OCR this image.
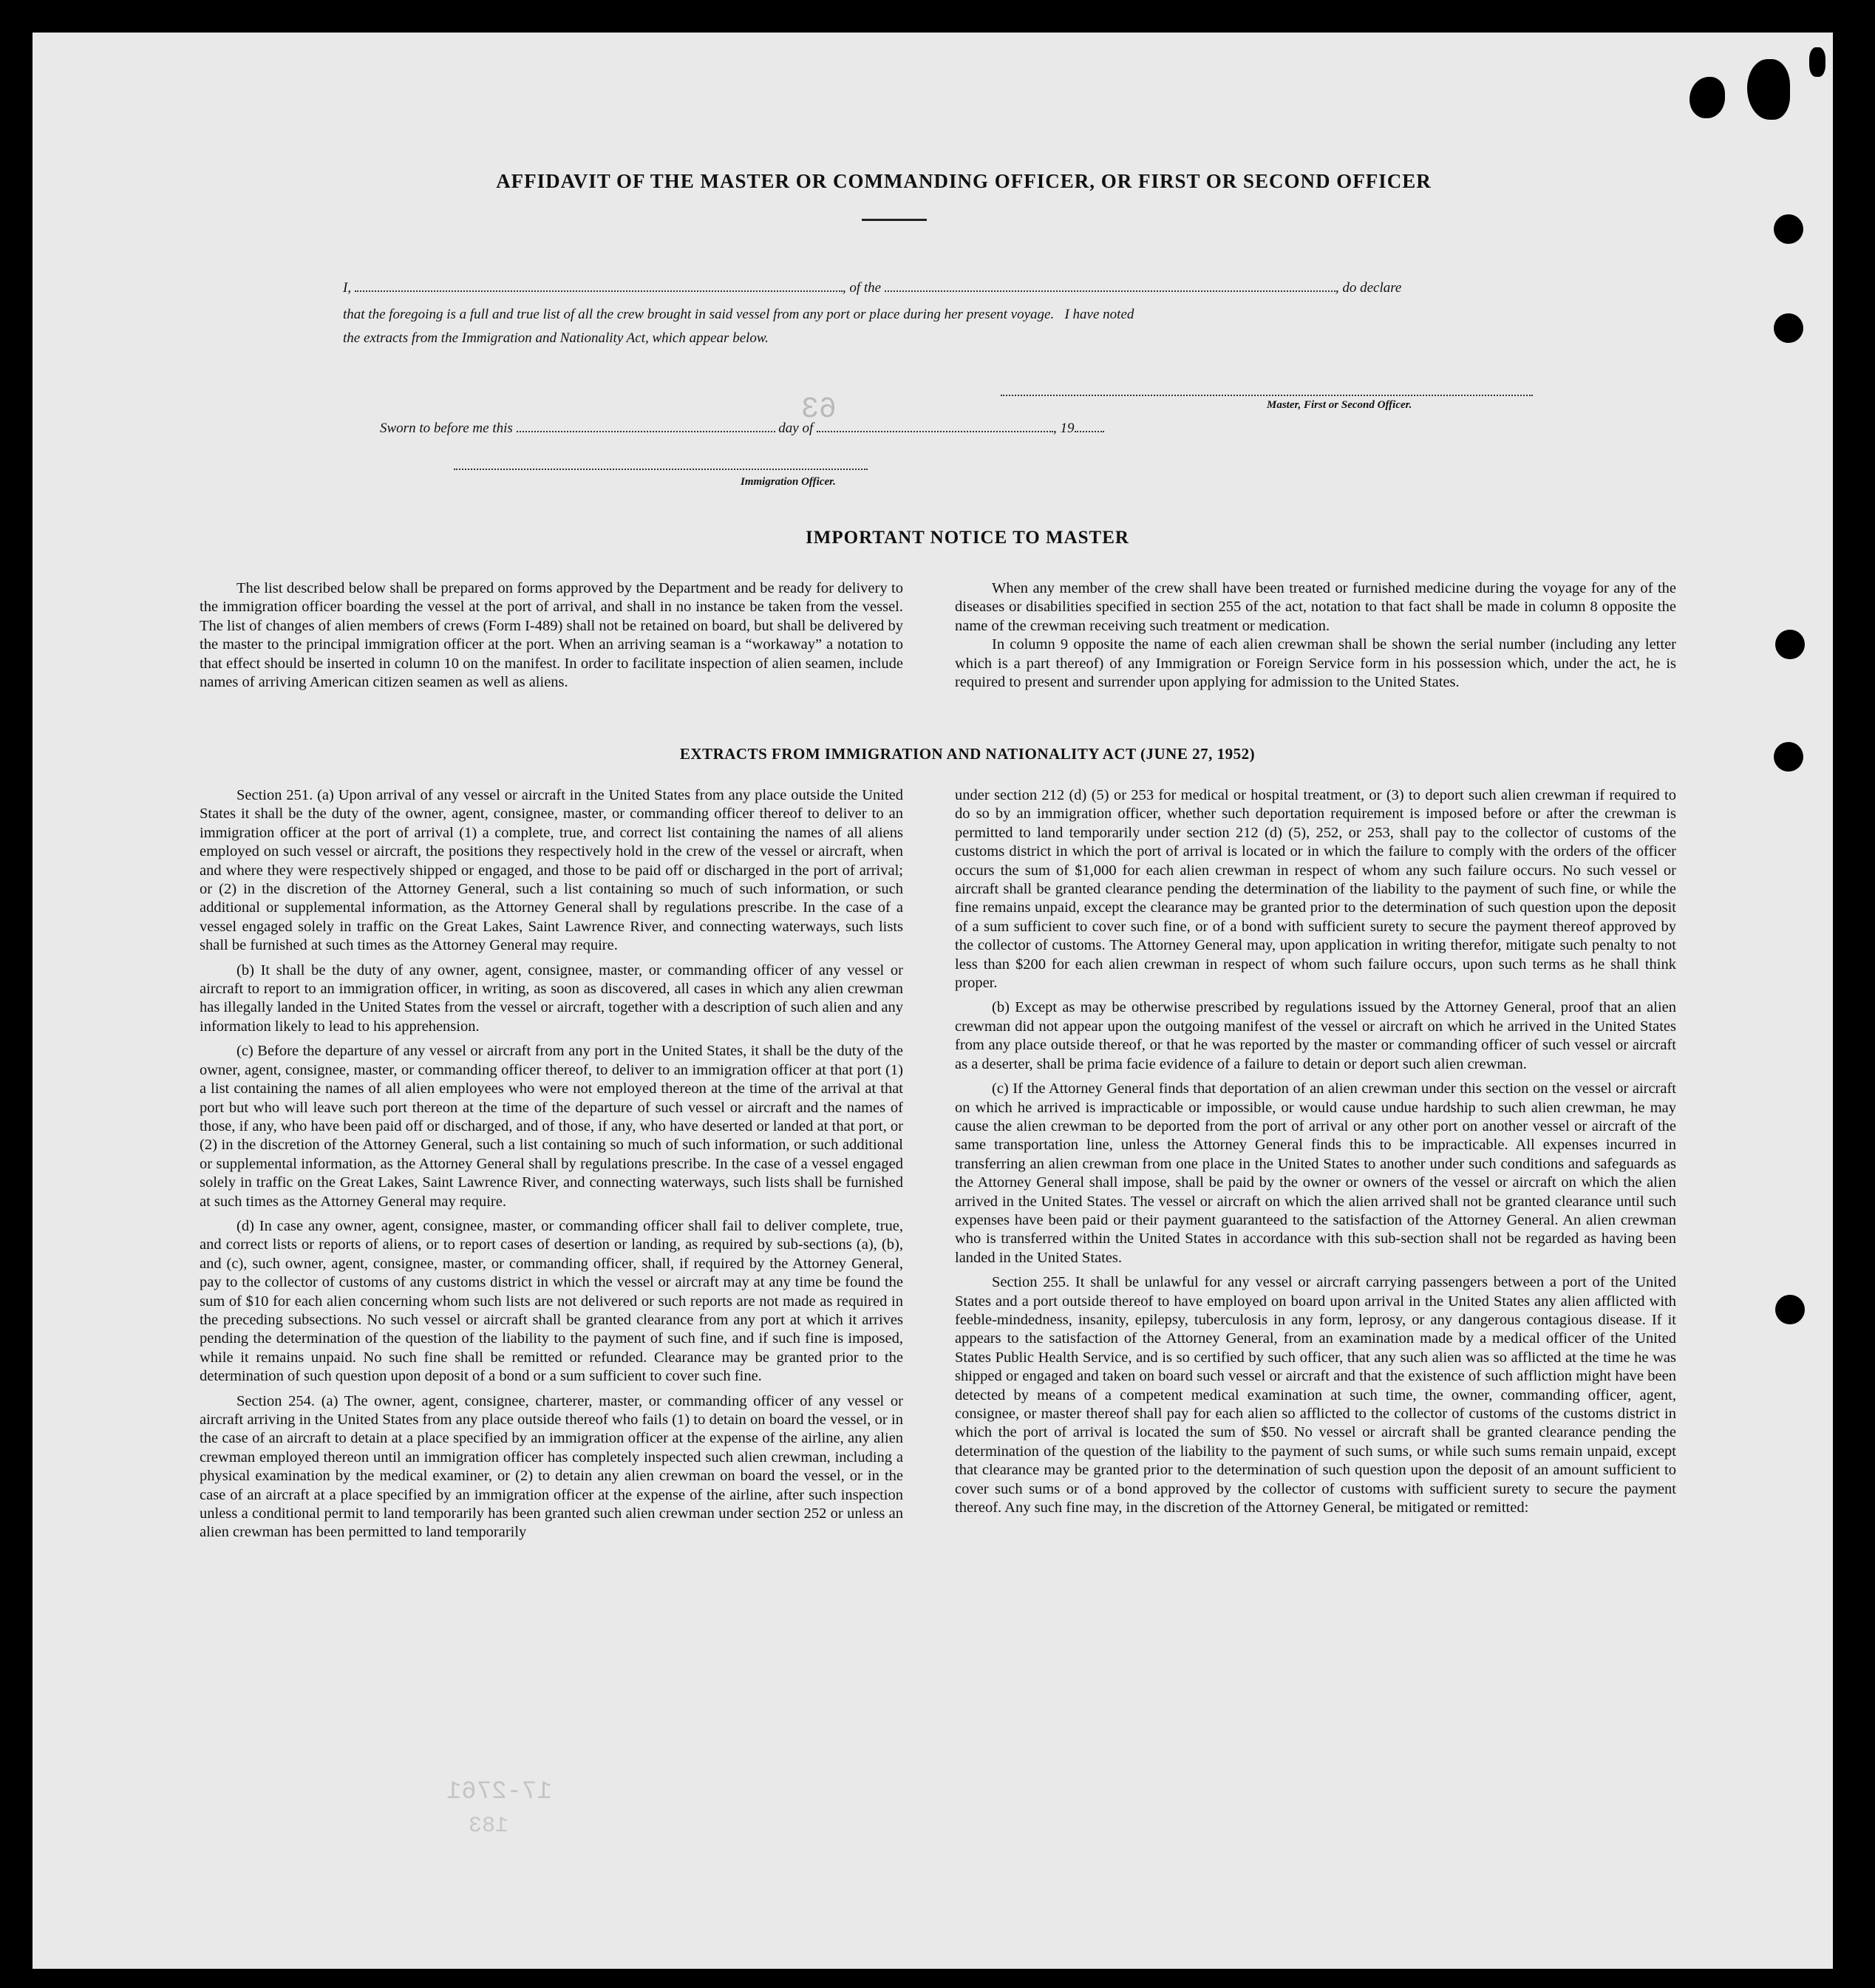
63
17-2761
183
AFFIDAVIT OF THE MASTER OR COMMANDING OFFICER, OR FIRST OR SECOND OFFICER
I,	, of the	, do declare
that the foregoing is a full and true list of all the crew brought in said vessel from any port or place during her present voyage.   I have noted
the extracts from the Immigration and Nationality Act, which appear below.
Master, First or Second Officer.
Sworn to before me this	day of	, 19
Immigration Officer.
IMPORTANT NOTICE TO MASTER

The list described below shall be prepared on forms approved by the Department and be ready for delivery to the immigration officer boarding the vessel at the port of arrival, and shall in no instance be taken from the vessel. The list of changes of alien members of crews (Form I-489) shall not be retained on board, but shall be delivered by the master to the principal immigration officer at the port. When an arriving seaman is a “workaway” a notation to that effect should be inserted in column 10 on the manifest. In order to facilitate inspection of alien seamen, include names of arriving American citizen seamen as well as aliens.

When any member of the crew shall have been treated or furnished medicine during the voyage for any of the diseases or disabilities specified in section 255 of the act, notation to that fact shall be made in column 8 opposite the name of the crewman receiving such treatment or medication.

In column 9 opposite the name of each alien crewman shall be shown the serial number (including any letter which is a part thereof) of any Immigration or Foreign Service form in his possession which, under the act, he is required to present and surrender upon applying for admission to the United States.

EXTRACTS FROM IMMIGRATION AND NATIONALITY ACT (JUNE 27, 1952)

Section 251. (a) Upon arrival of any vessel or aircraft in the United States from any place outside the United States it shall be the duty of the owner, agent, consignee, master, or commanding officer thereof to deliver to an immigration officer at the port of arrival (1) a complete, true, and correct list containing the names of all aliens employed on such vessel or aircraft, the positions they respectively hold in the crew of the vessel or aircraft, when and where they were respectively shipped or engaged, and those to be paid off or discharged in the port of arrival; or (2) in the discretion of the Attorney General, such a list containing so much of such information, or such additional or supplemental information, as the Attorney General shall by regulations prescribe. In the case of a vessel engaged solely in traffic on the Great Lakes, Saint Lawrence River, and connecting waterways, such lists shall be furnished at such times as the Attorney General may require.

(b) It shall be the duty of any owner, agent, consignee, master, or commanding officer of any vessel or aircraft to report to an immigration officer, in writing, as soon as discovered, all cases in which any alien crewman has illegally landed in the United States from the vessel or aircraft, together with a description of such alien and any information likely to lead to his apprehension.

(c) Before the departure of any vessel or aircraft from any port in the United States, it shall be the duty of the owner, agent, consignee, master, or commanding officer thereof, to deliver to an immigration officer at that port (1) a list containing the names of all alien employees who were not employed thereon at the time of the arrival at that port but who will leave such port thereon at the time of the departure of such vessel or aircraft and the names of those, if any, who have been paid off or discharged, and of those, if any, who have deserted or landed at that port, or (2) in the discretion of the Attorney General, such a list containing so much of such information, or such additional or supplemental information, as the Attorney General shall by regulations prescribe. In the case of a vessel engaged solely in traffic on the Great Lakes, Saint Lawrence River, and connecting waterways, such lists shall be furnished at such times as the Attorney General may require.

(d) In case any owner, agent, consignee, master, or commanding officer shall fail to deliver complete, true, and correct lists or reports of aliens, or to report cases of desertion or landing, as required by sub-sections (a), (b), and (c), such owner, agent, consignee, master, or commanding officer, shall, if required by the Attorney General, pay to the collector of customs of any customs district in which the vessel or aircraft may at any time be found the sum of $10 for each alien concerning whom such lists are not delivered or such reports are not made as required in the preceding subsections. No such vessel or aircraft shall be granted clearance from any port at which it arrives pending the determination of the question of the liability to the payment of such fine, and if such fine is imposed, while it remains unpaid. No such fine shall be remitted or refunded. Clearance may be granted prior to the determination of such question upon deposit of a bond or a sum sufficient to cover such fine.

Section 254. (a) The owner, agent, consignee, charterer, master, or commanding officer of any vessel or aircraft arriving in the United States from any place outside thereof who fails (1) to detain on board the vessel, or in the case of an aircraft to detain at a place specified by an immigration officer at the expense of the airline, any alien crewman employed thereon until an immigration officer has completely inspected such alien crewman, including a physical examination by the medical examiner, or (2) to detain any alien crewman on board the vessel, or in the case of an aircraft at a place specified by an immigration officer at the expense of the airline, after such inspection unless a conditional permit to land temporarily has been granted such alien crewman under section 252 or unless an alien crewman has been permitted to land temporarily

under section 212 (d) (5) or 253 for medical or hospital treatment, or (3) to deport such alien crewman if required to do so by an immigration officer, whether such deportation requirement is imposed before or after the crewman is permitted to land temporarily under section 212 (d) (5), 252, or 253, shall pay to the collector of customs of the customs district in which the port of arrival is located or in which the failure to comply with the orders of the officer occurs the sum of $1,000 for each alien crewman in respect of whom any such failure occurs. No such vessel or aircraft shall be granted clearance pending the determination of the liability to the payment of such fine, or while the fine remains unpaid, except the clearance may be granted prior to the determination of such question upon the deposit of a sum sufficient to cover such fine, or of a bond with sufficient surety to secure the payment thereof approved by the collector of customs. The Attorney General may, upon application in writing therefor, mitigate such penalty to not less than $200 for each alien crewman in respect of whom such failure occurs, upon such terms as he shall think proper.

(b) Except as may be otherwise prescribed by regulations issued by the Attorney General, proof that an alien crewman did not appear upon the outgoing manifest of the vessel or aircraft on which he arrived in the United States from any place outside thereof, or that he was reported by the master or commanding officer of such vessel or aircraft as a deserter, shall be prima facie evidence of a failure to detain or deport such alien crewman.

(c) If the Attorney General finds that deportation of an alien crewman under this section on the vessel or aircraft on which he arrived is impracticable or impossible, or would cause undue hardship to such alien crewman, he may cause the alien crewman to be deported from the port of arrival or any other port on another vessel or aircraft of the same transportation line, unless the Attorney General finds this to be impracticable. All expenses incurred in transferring an alien crewman from one place in the United States to another under such conditions and safeguards as the Attorney General shall impose, shall be paid by the owner or owners of the vessel or aircraft on which the alien arrived in the United States. The vessel or aircraft on which the alien arrived shall not be granted clearance until such expenses have been paid or their payment guaranteed to the satisfaction of the Attorney General. An alien crewman who is transferred within the United States in accordance with this sub-section shall not be regarded as having been landed in the United States.

Section 255. It shall be unlawful for any vessel or aircraft carrying passengers between a port of the United States and a port outside thereof to have employed on board upon arrival in the United States any alien afflicted with feeble-mindedness, insanity, epilepsy, tuberculosis in any form, leprosy, or any dangerous contagious disease. If it appears to the satisfaction of the Attorney General, from an examination made by a medical officer of the United States Public Health Service, and is so certified by such officer, that any such alien was so afflicted at the time he was shipped or engaged and taken on board such vessel or aircraft and that the existence of such affliction might have been detected by means of a competent medical examination at such time, the owner, commanding officer, agent, consignee, or master thereof shall pay for each alien so afflicted to the collector of customs of the customs district in which the port of arrival is located the sum of $50. No vessel or aircraft shall be granted clearance pending the determination of the question of the liability to the payment of such sums, or while such sums remain unpaid, except that clearance may be granted prior to the determination of such question upon the deposit of an amount sufficient to cover such sums or of a bond approved by the collector of customs with sufficient surety to secure the payment thereof. Any such fine may, in the discretion of the Attorney General, be mitigated or remitted:
